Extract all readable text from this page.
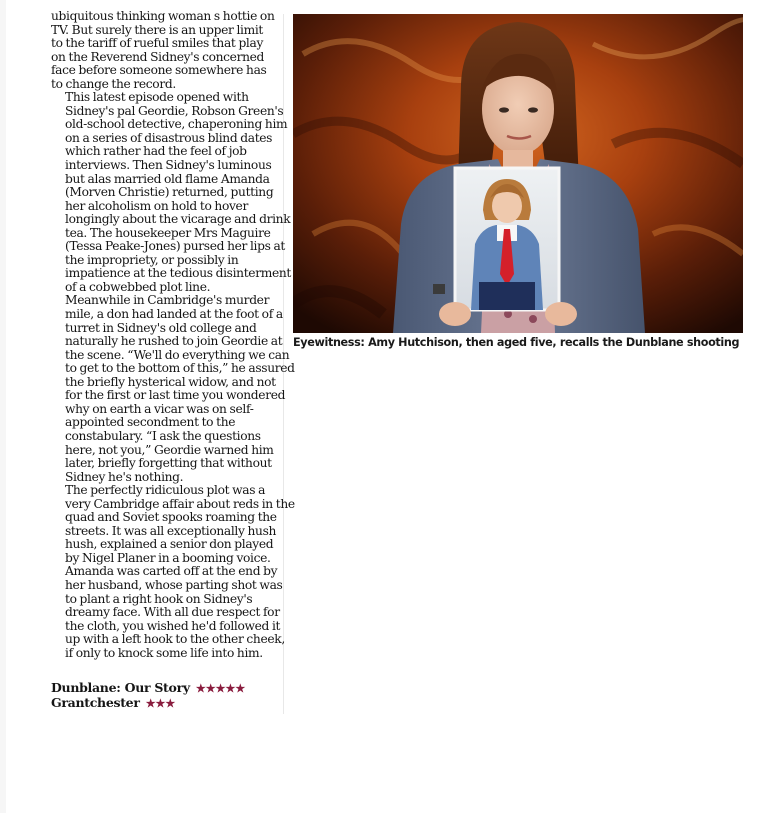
ubiquitous thinking woman s hottie on
TV. But surely there is an upper limit
to the tariff of rueful smiles that play
on the Reverend Sidney's concerned
face before someone somewhere has
to change the record.

This latest episode opened with
Sidney's pal Geordie, Robson Green's
old-school detective, chaperoning him
on a series of disastrous blind dates
which rather had the feel of job
interviews. Then Sidney's luminous
but alas married old flame Amanda
(Morven Christie) returned, putting
her alcoholism on hold to hover
longingly about the vicarage and drink
tea. The housekeeper Mrs Maguire
(Tessa Peake-Jones) pursed her lips at
the impropriety, or possibly in
impatience at the tedious disinterment
of a cobwebbed plot line.

Meanwhile in Cambridge's murder
mile, a don had landed at the foot of a
turret in Sidney's old college and
naturally he rushed to join Geordie at
the scene. “We'll do everything we can
to get to the bottom of this,” he assured
the briefly hysterical widow, and not
for the first or last time you wondered
why on earth a vicar was on self-
appointed secondment to the
constabulary. “I ask the questions
here, not you,” Geordie warned him
later, briefly forgetting that without
Sidney he's nothing.

The perfectly ridiculous plot was a
very Cambridge affair about reds in the
quad and Soviet spooks roaming the
streets. It was all exceptionally hush
hush, explained a senior don played
by Nigel Planer in a booming voice.
Amanda was carted off at the end by
her husband, whose parting shot was
to plant a right hook on Sidney's
dreamy face. With all due respect for
the cloth, you wished he'd followed it
up with a left hook to the other cheek,
if only to knock some life into him.

Dunblane: Our Story ★★★★★
Grantchester ★★★
Eyewitness: Amy Hutchison, then aged five, recalls the Dunblane shooting
